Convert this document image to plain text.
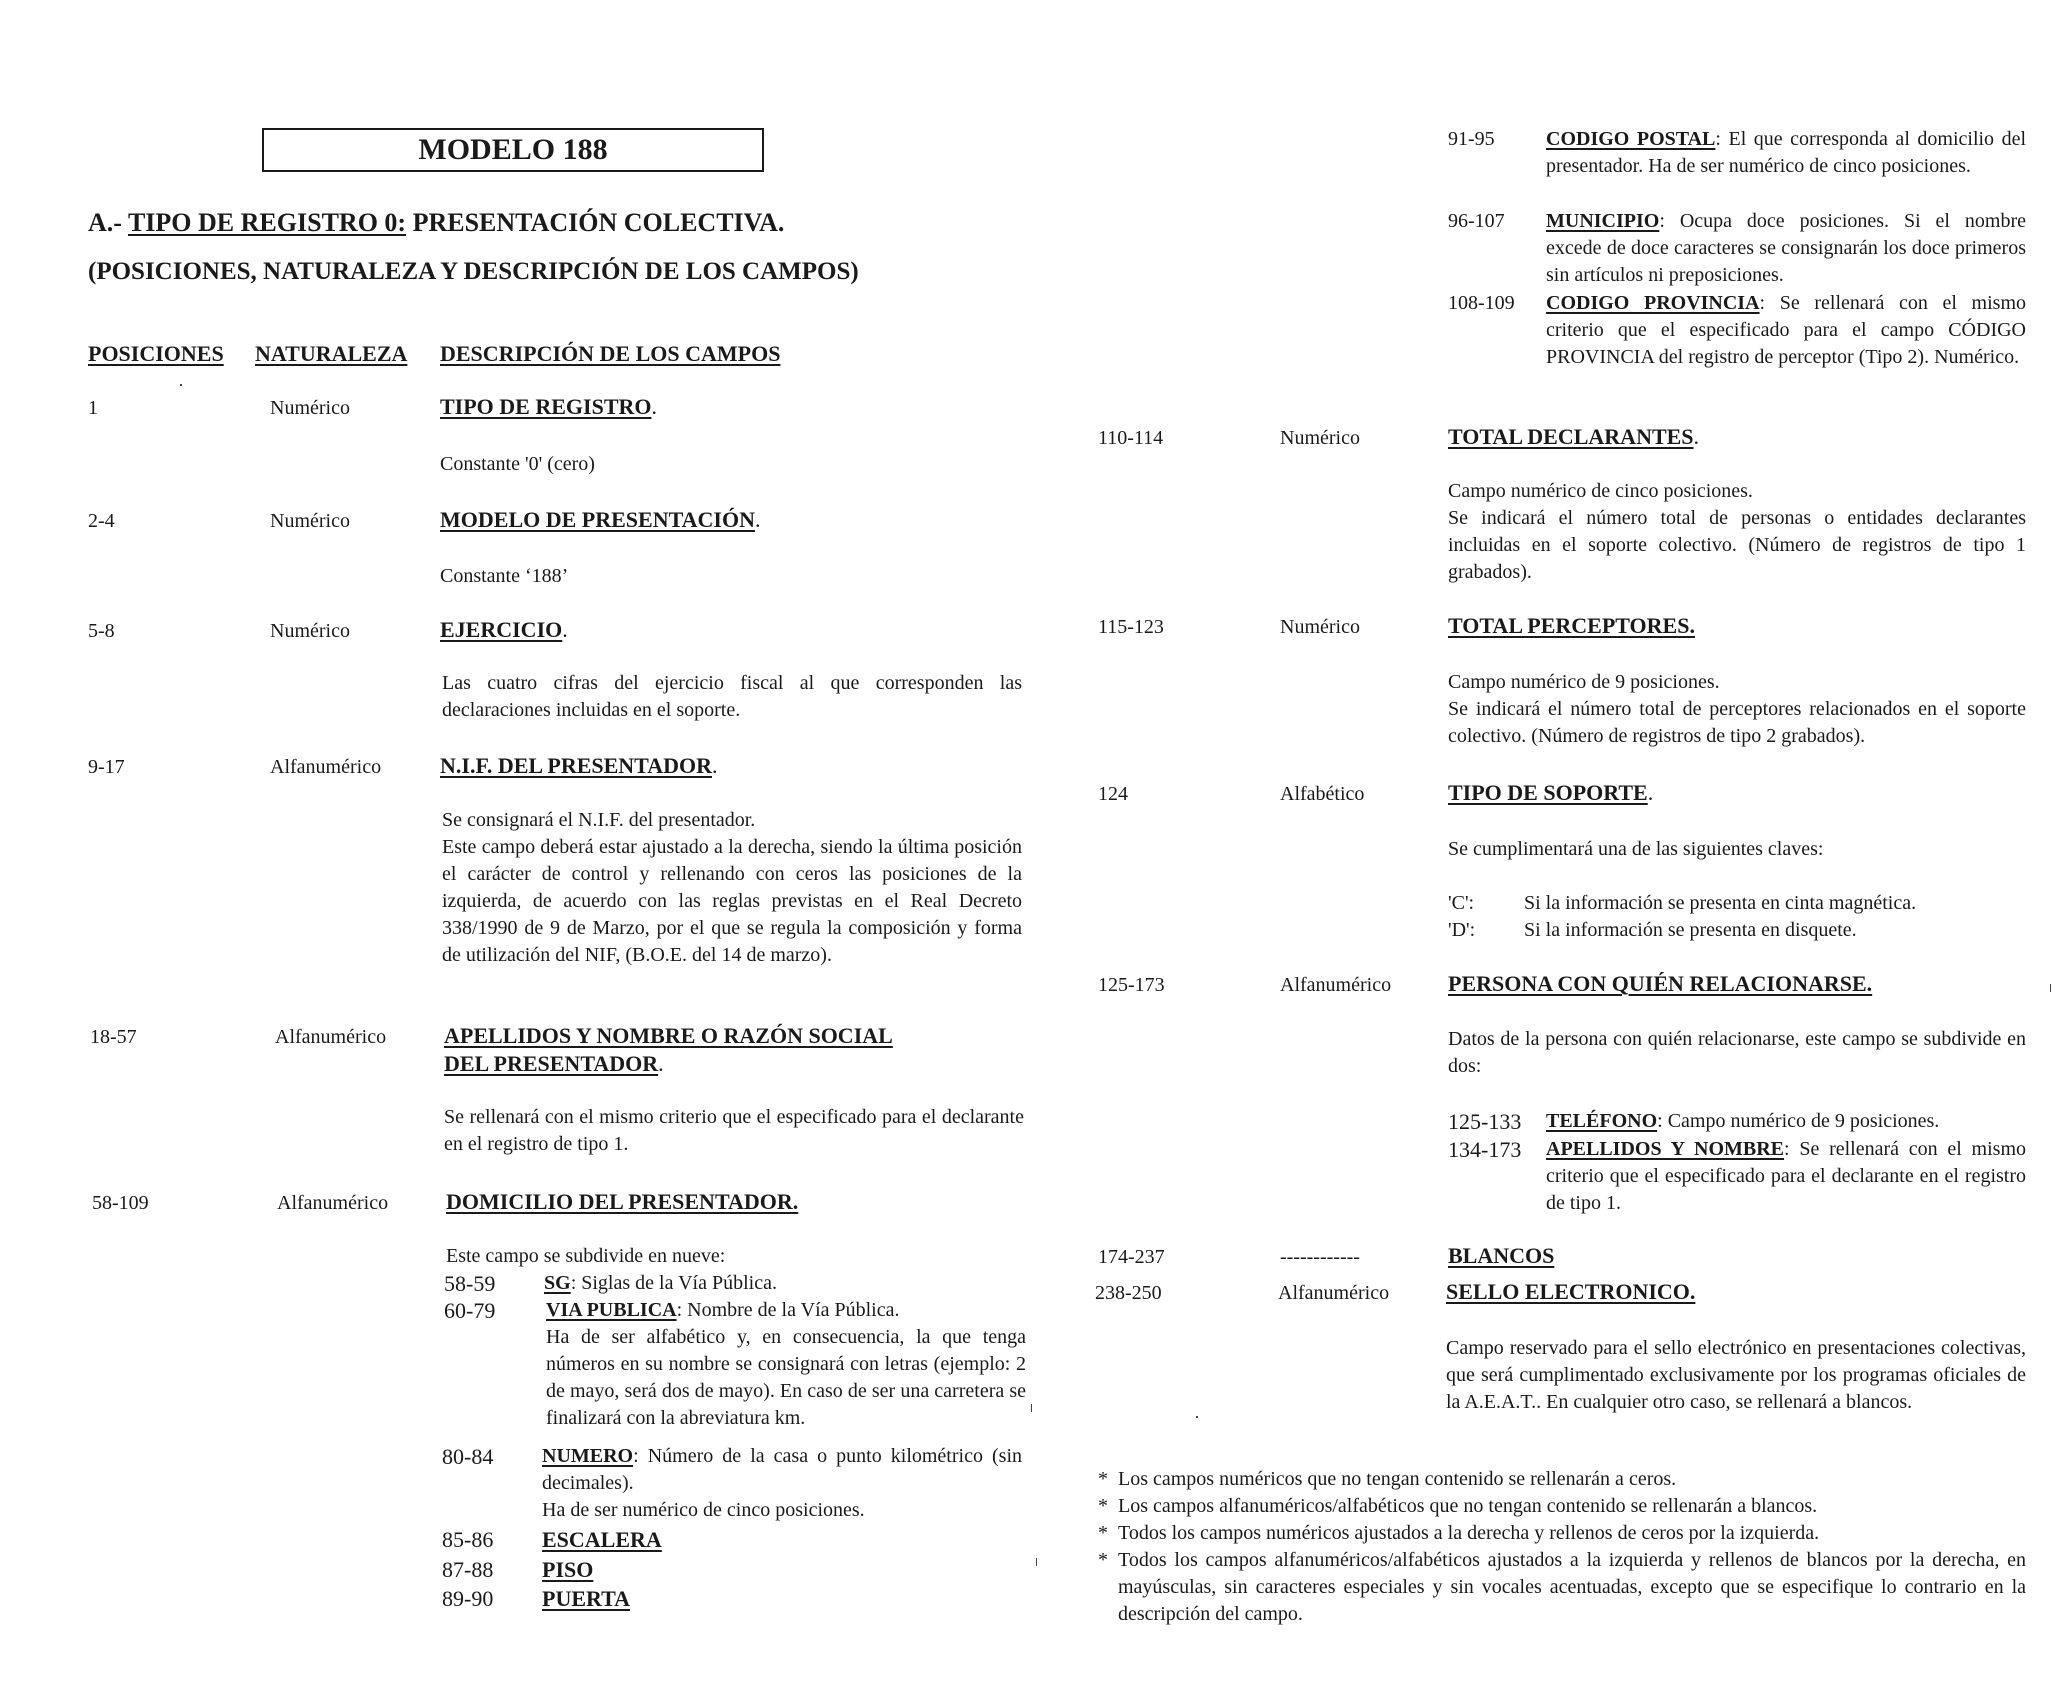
MODELO 188
A.- TIPO DE REGISTRO 0: PRESENTACIÓN COLECTIVA.
(POSICIONES, NATURALEZA Y DESCRIPCIÓN DE LOS CAMPOS)
POSICIONES NATURALEZA DESCRIPCIÓN DE LOS CAMPOS
1	Numérico	TIPO DE REGISTRO.
Constante '0' (cero)
2-4	Numérico	MODELO DE PRESENTACIÓN.
Constante ‘188’
5-8	Numérico	EJERCICIO.
Las cuatro cifras del ejercicio fiscal al que corresponden las declaraciones incluidas en el soporte.
9-17	Alfanumérico	N.I.F. DEL PRESENTADOR.
Se consignará el N.I.F. del presentador.
Este campo deberá estar ajustado a la derecha, siendo la última posición el carácter de control y rellenando con ceros las posiciones de la izquierda, de acuerdo con las reglas previstas en el Real Decreto 338/1990 de 9 de Marzo, por el que se regula la composición y forma de utilización del NIF, (B.O.E. del 14 de marzo).
18-57	Alfanumérico	APELLIDOS Y NOMBRE O RAZÓN SOCIAL
DEL PRESENTADOR.
Se rellenará con el mismo criterio que el especificado para el declarante en el registro de tipo 1.
58-109	Alfanumérico	DOMICILIO DEL PRESENTADOR.
Este campo se subdivide en nueve:
58-59 SG: Siglas de la Vía Pública.
60-79	VIA PUBLICA: Nombre de la Vía Pública.
Ha de ser alfabético y, en consecuencia, la que tenga números en su nombre se consignará con letras (ejemplo: 2 de mayo, será dos de mayo). En caso de ser una carretera se finalizará con la abreviatura km.
80-84 NUMERO: Número de la casa o punto kilométrico (sin decimales).
Ha de ser numérico de cinco posiciones.
85-86 ESCALERA
87-88 PISO
89-90 PUERTA
91-95	CODIGO POSTAL: El que corresponda al domicilio del presentador. Ha de ser numérico de cinco posiciones.
96-107 MUNICIPIO: Ocupa doce posiciones. Si el nombre excede de doce caracteres se consignarán los doce primeros sin artículos ni preposiciones.
108-109 CODIGO PROVINCIA: Se rellenará con el mismo criterio que el especificado para el campo CÓDIGO PROVINCIA del registro de perceptor (Tipo 2). Numérico.
110-114	Numérico	TOTAL DECLARANTES.
Campo numérico de cinco posiciones.
Se indicará el número total de personas o entidades declarantes incluidas en el soporte colectivo. (Número de registros de tipo 1 grabados).
115-123	Numérico	TOTAL PERCEPTORES.
Campo numérico de 9 posiciones.
Se indicará el número total de perceptores relacionados en el soporte colectivo. (Número de registros de tipo 2 grabados).
124	Alfabético	TIPO DE SOPORTE.
Se cumplimentará una de las siguientes claves:
'C': Si la información se presenta en cinta magnética.
'D': Si la información se presenta en disquete.
125-173	Alfanumérico	PERSONA CON QUIÉN RELACIONARSE.
Datos de la persona con quién relacionarse, este campo se subdivide en dos:
125-133 TELÉFONO: Campo numérico de 9 posiciones.
134-173 APELLIDOS Y NOMBRE: Se rellenará con el mismo criterio que el especificado para el declarante en el registro de tipo 1.
174-237	------------	BLANCOS
238-250	Alfanumérico	SELLO ELECTRONICO.
Campo reservado para el sello electrónico en presentaciones colectivas, que será cumplimentado exclusivamente por los programas oficiales de la A.E.A.T.. En cualquier otro caso, se rellenará a blancos.
* Los campos numéricos que no tengan contenido se rellenarán a ceros.
* Los campos alfanuméricos/alfabéticos que no tengan contenido se rellenarán a blancos.
* Todos los campos numéricos ajustados a la derecha y rellenos de ceros por la izquierda.
* Todos los campos alfanuméricos/alfabéticos ajustados a la izquierda y rellenos de blancos por la derecha, en mayúsculas, sin caracteres especiales y sin vocales acentuadas, excepto que se especifique lo contrario en la descripción del campo.
